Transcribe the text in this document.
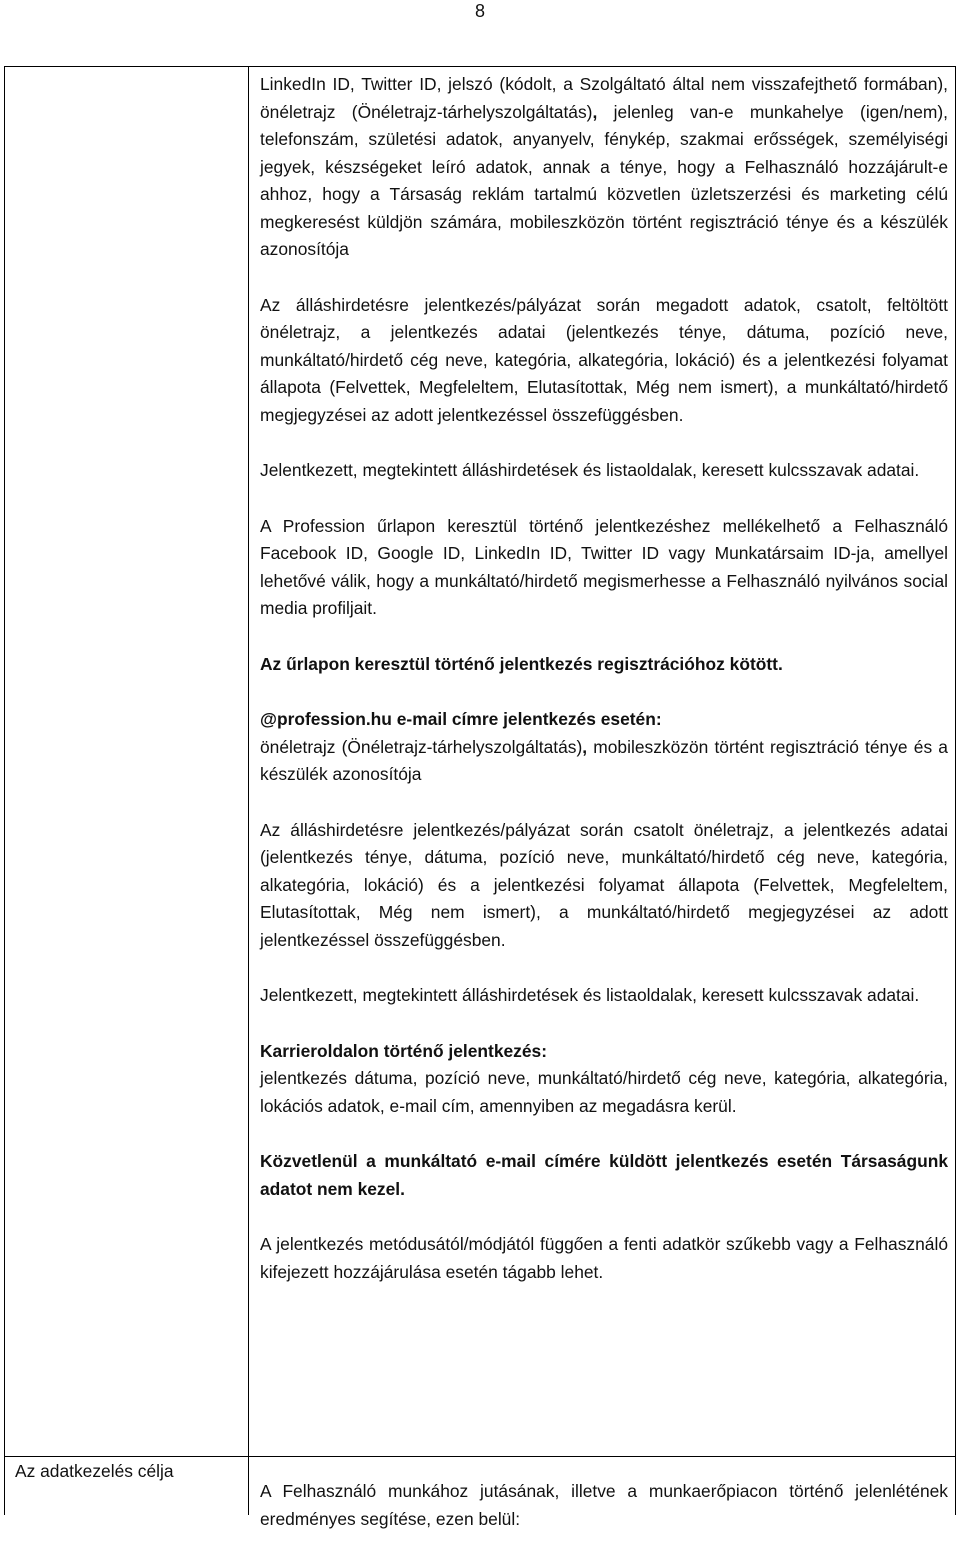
8
Az adatkezelés célja

LinkedIn ID, Twitter ID, jelszó (kódolt, a Szolgáltató által nem visszafejthető formában), önéletrajz (Önéletrajz-tárhelyszolgáltatás), jelenleg van-e munkahelye (igen/nem), telefonszám, születési adatok, anyanyelv, fénykép, szakmai erősségek, személyiségi jegyek, készségeket leíró adatok, annak a ténye, hogy a Felhasználó hozzájárult-e ahhoz, hogy a Társaság reklám tartalmú közvetlen üzletszerzési és marketing célú megkeresést küldjön számára, mobileszközön történt regisztráció ténye és a készülék azonosítója

Az álláshirdetésre jelentkezés/pályázat során megadott adatok, csatolt, feltöltött önéletrajz, a jelentkezés adatai (jelentkezés ténye, dátuma, pozíció neve, munkáltató/hirdető cég neve, kategória, alkategória, lokáció) és a jelentkezési folyamat állapota (Felvettek, Megfeleltem, Elutasítottak, Még nem ismert), a munkáltató/hirdető megjegyzései az adott jelentkezéssel összefüggésben.

Jelentkezett, megtekintett álláshirdetések és listaoldalak, keresett kulcsszavak adatai.

A Profession űrlapon keresztül történő jelentkezéshez mellékelhető a Felhasználó Facebook ID, Google ID, LinkedIn ID, Twitter ID vagy Munkatársaim ID-ja, amellyel lehetővé válik, hogy a munkáltató/hirdető megismerhesse a Felhasználó nyilvános social media profiljait.

Az űrlapon keresztül történő jelentkezés regisztrációhoz kötött.

@profession.hu e-mail címre jelentkezés esetén:
önéletrajz (Önéletrajz-tárhelyszolgáltatás), mobileszközön történt regisztráció ténye és a készülék azonosítója

Az álláshirdetésre jelentkezés/pályázat során csatolt önéletrajz, a jelentkezés adatai (jelentkezés ténye, dátuma, pozíció neve, munkáltató/hirdető cég neve, kategória, alkategória, lokáció) és a jelentkezési folyamat állapota (Felvettek, Megfeleltem, Elutasítottak, Még nem ismert), a munkáltató/hirdető megjegyzései az adott jelentkezéssel összefüggésben.

Jelentkezett, megtekintett álláshirdetések és listaoldalak, keresett kulcsszavak adatai.

Karrieroldalon történő jelentkezés:
jelentkezés dátuma, pozíció neve, munkáltató/hirdető cég neve, kategória, alkategória, lokációs adatok, e-mail cím, amennyiben az megadásra kerül.

Közvetlenül a munkáltató e-mail címére küldött jelentkezés esetén Társaságunk adatot nem kezel.

A jelentkezés metódusától/módjától függően a fenti adatkör szűkebb vagy a Felhasználó kifejezett hozzájárulása esetén tágabb lehet.

A Felhasználó munkához jutásának, illetve a munkaerőpiacon történő jelenlétének eredményes segítése, ezen belül:
